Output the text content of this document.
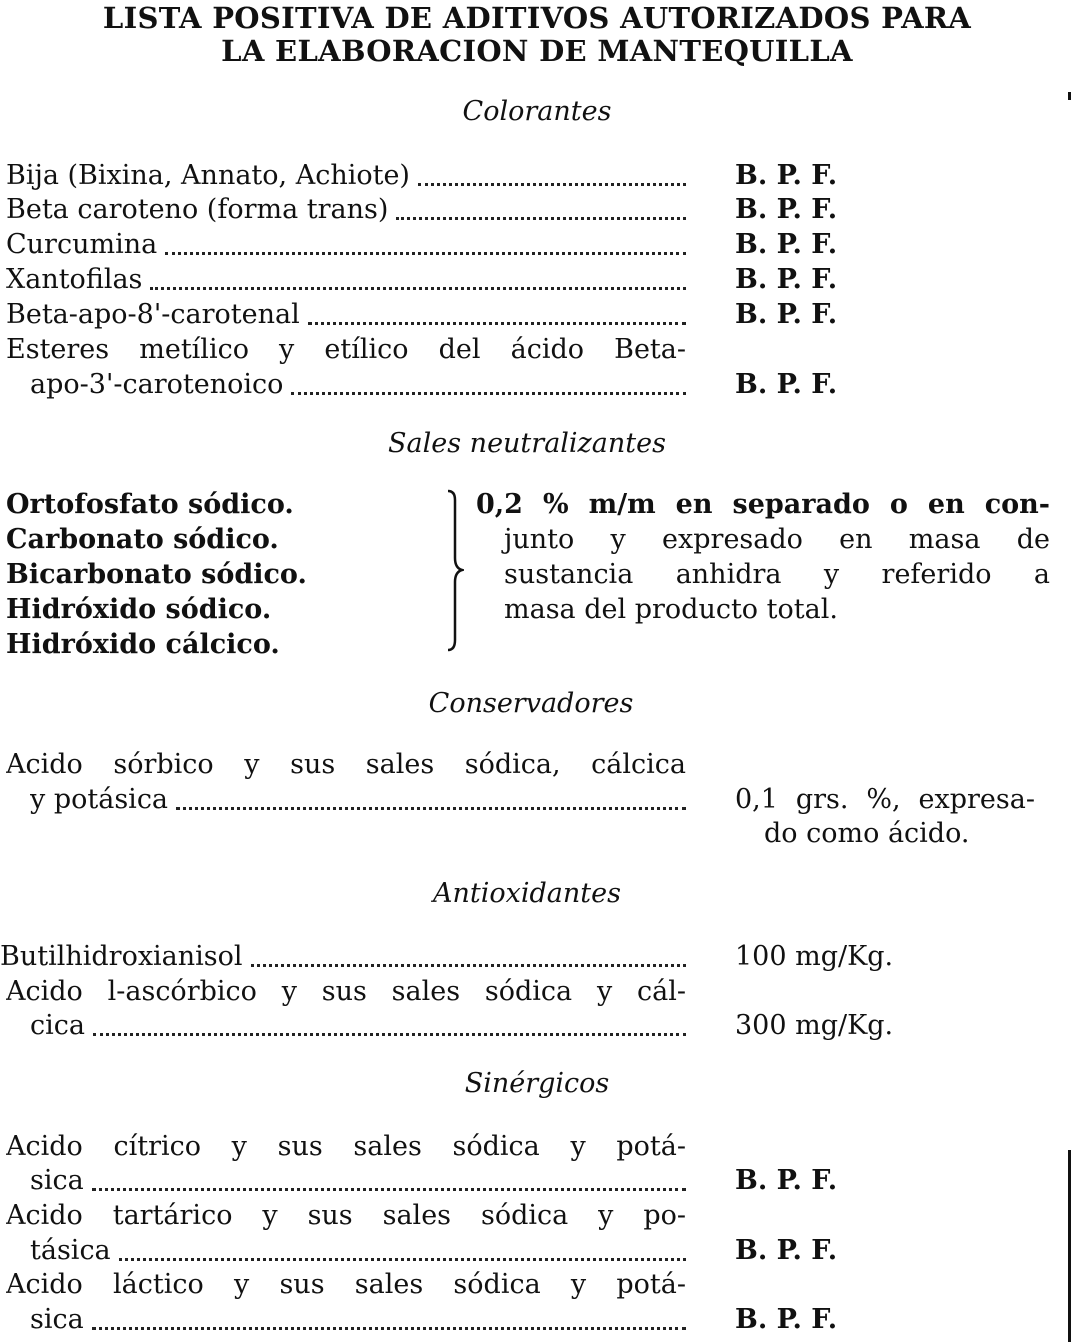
LISTA POSITIVA DE ADITIVOS AUTORIZADOS PARA
LA ELABORACION DE MANTEQUILLA
Colorantes
Bija (Bixina, Annato, Achiote)	B. P. F.
Beta caroteno (forma trans)	B. P. F.
Curcumina	B. P. F.
Xantofilas	B. P. F.
Beta-apo-8'-carotenal	B. P. F.
Esteres metílico y etílico del ácido Beta-
apo-3'-carotenoico	B. P. F.
Sales neutralizantes
Ortofosfato sódico.
Carbonato sódico.
Bicarbonato sódico.
Hidróxido sódico.
Hidróxido cálcico.
0,2 % m/m en separado o en con-
junto y expresado en masa de
sustancia anhidra y referido a
masa del producto total.
Conservadores
Acido sórbico y sus sales sódica, cálcica
y potásica	0,1 grs. %, expresa-
do como ácido.
Antioxidantes
Butilhidroxianisol	100 mg/Kg.
Acido l-ascórbico y sus sales sódica y cál-
cica	300 mg/Kg.
Sinérgicos
Acido cítrico y sus sales sódica y potá-
sica	B. P. F.
Acido tartárico y sus sales sódica y po-
tásica	B. P. F.
Acido láctico y sus sales sódica y potá-
sica	B. P. F.
